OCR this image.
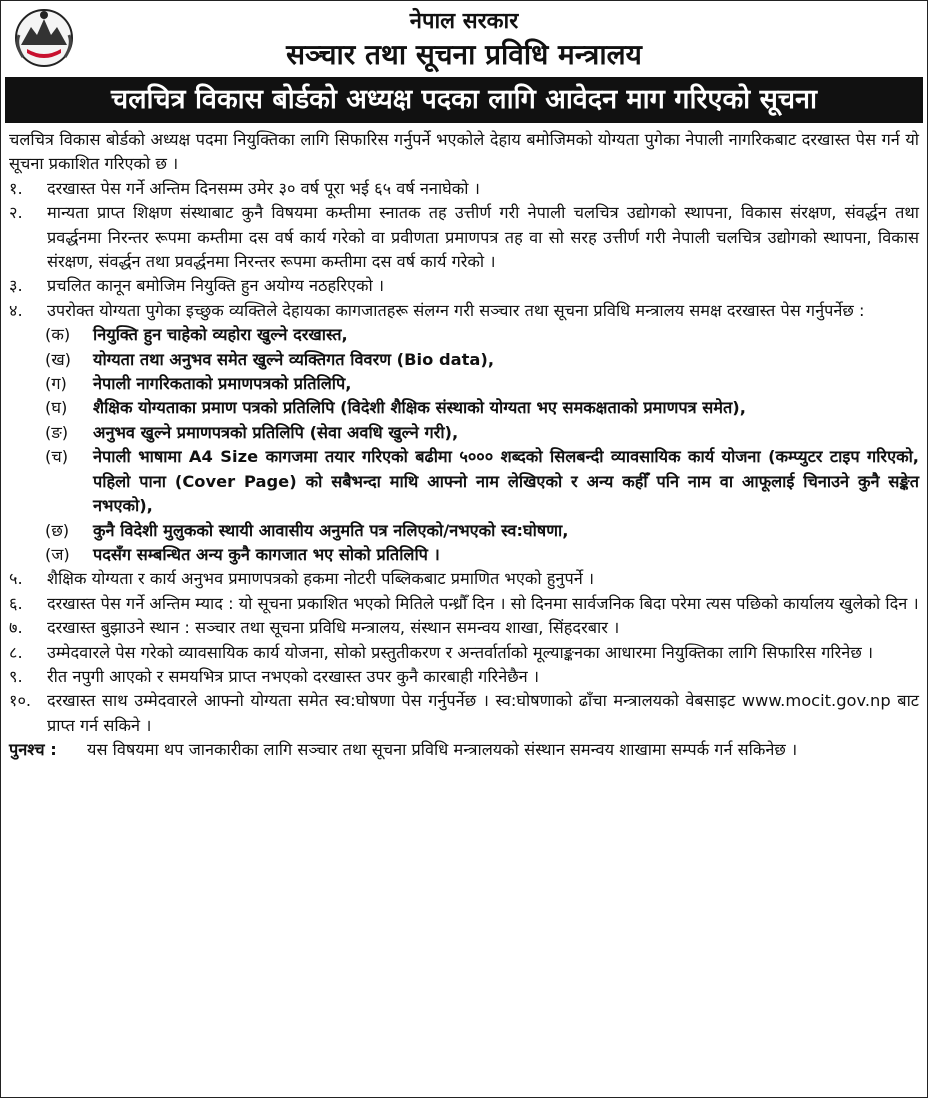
नेपाल सरकार
सञ्चार तथा सूचना प्रविधि मन्त्रालय
चलचित्र विकास बोर्डको अध्यक्ष पदका लागि आवेदन माग गरिएको सूचना

चलचित्र विकास बोर्डको अध्यक्ष पदमा नियुक्तिका लागि सिफारिस गर्नुपर्ने भएकोले देहाय बमोजिमको योग्यता पुगेका नेपाली नागरिकबाट दरखास्त पेस गर्न यो सूचना प्रकाशित गरिएको छ ।

१.	दरखास्त पेस गर्ने अन्तिम दिनसम्म उमेर ३० वर्ष पूरा भई ६५ वर्ष ननाघेको ।
२.	मान्यता प्राप्त शिक्षण संस्थाबाट कुनै विषयमा कम्तीमा स्नातक तह उत्तीर्ण गरी नेपाली चलचित्र उद्योगको स्थापना, विकास संरक्षण, संवर्द्धन तथा प्रवर्द्धनमा निरन्तर रूपमा कम्तीमा दस वर्ष कार्य गरेको वा प्रवीणता प्रमाणपत्र तह वा सो सरह उत्तीर्ण गरी नेपाली चलचित्र उद्योगको स्थापना, विकास संरक्षण, संवर्द्धन तथा प्रवर्द्धनमा निरन्तर रूपमा कम्तीमा दस वर्ष कार्य गरेको ।
३.	प्रचलित कानून बमोजिम नियुक्ति हुन अयोग्य नठहरिएको ।
४.	उपरोक्त योग्यता पुगेका इच्छुक व्यक्तिले देहायका कागजातहरू संलग्न गरी सञ्चार तथा सूचना प्रविधि मन्त्रालय समक्ष दरखास्त पेस गर्नुपर्नेछ :
(क)	नियुक्ति हुन चाहेको व्यहोरा खुल्ने दरखास्त,
(ख)	योग्यता तथा अनुभव समेत खुल्ने व्यक्तिगत विवरण (Bio data),
(ग)	नेपाली नागरिकताको प्रमाणपत्रको प्रतिलिपि,
(घ)	शैक्षिक योग्यताका प्रमाण पत्रको प्रतिलिपि (विदेशी शैक्षिक संस्थाको योग्यता भए समकक्षताको प्रमाणपत्र समेत),
(ङ)	अनुभव खुल्ने प्रमाणपत्रको प्रतिलिपि (सेवा अवधि खुल्ने गरी),
(च)	नेपाली भाषामा A4 Size कागजमा तयार गरिएको बढीमा ५००० शब्दको सिलबन्दी व्यावसायिक कार्य योजना (कम्प्युटर टाइप गरिएको, पहिलो पाना (Cover Page) को सबैभन्दा माथि आफ्नो नाम लेखिएको र अन्य कहीँ पनि नाम वा आफूलाई चिनाउने कुनै सङ्केत नभएको),
(छ)	कुनै विदेशी मुलुकको स्थायी आवासीय अनुमति पत्र नलिएको/नभएको स्व:घोषणा,
(ज)	पदसँग सम्बन्धित अन्य कुनै कागजात भए सोको प्रतिलिपि ।
५.	शैक्षिक योग्यता र कार्य अनुभव प्रमाणपत्रको हकमा नोटरी पब्लिकबाट प्रमाणित भएको हुनुपर्ने ।
६.	दरखास्त पेस गर्ने अन्तिम म्याद : यो सूचना प्रकाशित भएको मितिले पन्ध्रौँ दिन । सो दिनमा सार्वजनिक बिदा परेमा त्यस पछिको कार्यालय खुलेको दिन ।
७.	दरखास्त बुझाउने स्थान : सञ्चार तथा सूचना प्रविधि मन्त्रालय, संस्थान समन्वय शाखा, सिंहदरबार ।
८.	उम्मेदवारले पेस गरेको व्यावसायिक कार्य योजना, सोको प्रस्तुतीकरण र अन्तर्वार्ताको मूल्याङ्कनका आधारमा नियुक्तिका लागि सिफारिस गरिनेछ ।
९.	रीत नपुगी आएको र समयभित्र प्राप्त नभएको दरखास्त उपर कुनै कारबाही गरिनेछैन ।
१०. दरखास्त साथ उम्मेदवारले आफ्नो योग्यता समेत स्व:घोषणा पेस गर्नुपर्नेछ । स्व:घोषणाको ढाँचा मन्त्रालयको वेबसाइट www.mocit.gov.np बाट प्राप्त गर्न सकिने ।
पुनश्च :	यस विषयमा थप जानकारीका लागि सञ्चार तथा सूचना प्रविधि मन्त्रालयको संस्थान समन्वय शाखामा सम्पर्क गर्न सकिनेछ ।
